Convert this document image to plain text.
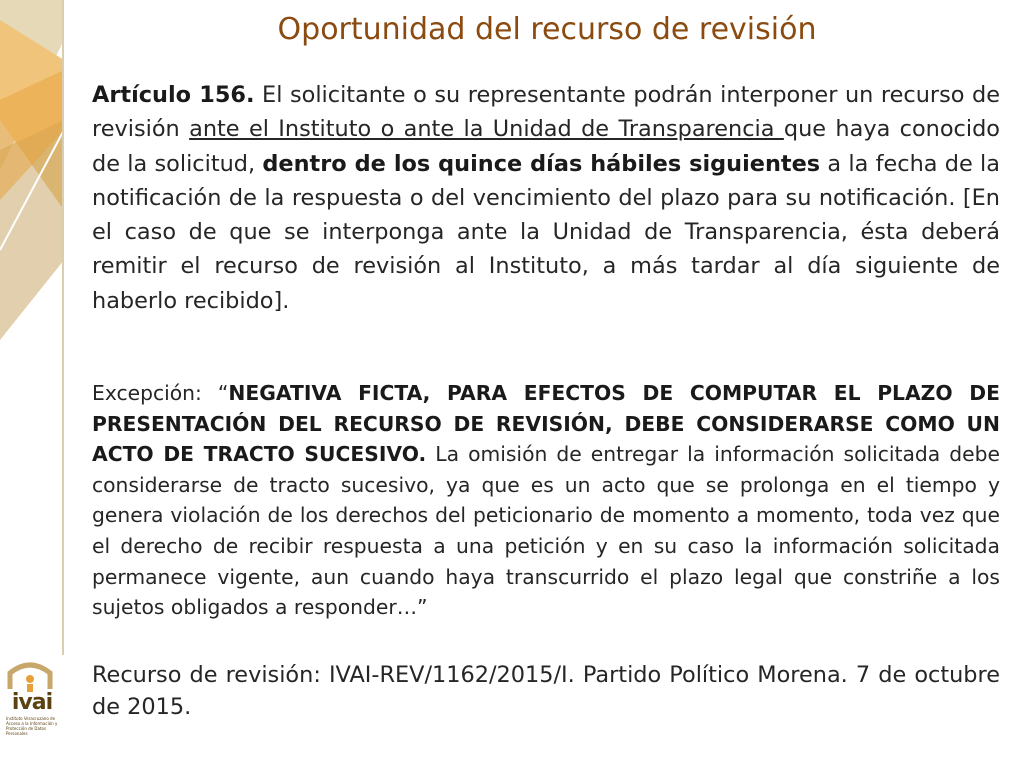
Oportunidad del recurso de revisión

Artículo 156. El solicitante o su representante podrán interponer un recurso de revisión ante el Instituto o ante la Unidad de Transparencia que haya conocido de la solicitud, dentro de los quince días hábiles siguientes a la fecha de la notificación de la respuesta o del vencimiento del plazo para su notificación. [En el caso de que se interponga ante la Unidad de Transparencia, ésta deberá remitir el recurso de revisión al Instituto, a más tardar al día siguiente de haberlo recibido].

Excepción: “NEGATIVA FICTA, PARA EFECTOS DE COMPUTAR EL PLAZO DE PRESENTACIÓN DEL RECURSO DE REVISIÓN, DEBE CONSIDERARSE COMO UN ACTO DE TRACTO SUCESIVO. La omisión de entregar la información solicitada debe considerarse de tracto sucesivo, ya que es un acto que se prolonga en el tiempo y genera violación de los derechos del peticionario de momento a momento, toda vez que el derecho de recibir respuesta a una petición y en su caso la información solicitada permanece vigente, aun cuando haya transcurrido el plazo legal que constriñe a los sujetos obligados a responder…”

Recurso de revisión: IVAI-REV/1162/2015/I. Partido Político Morena. 7 de octubre de 2015.

ivai
Instituto Veracruzano de Acceso a la Información y Protección de Datos Personales
